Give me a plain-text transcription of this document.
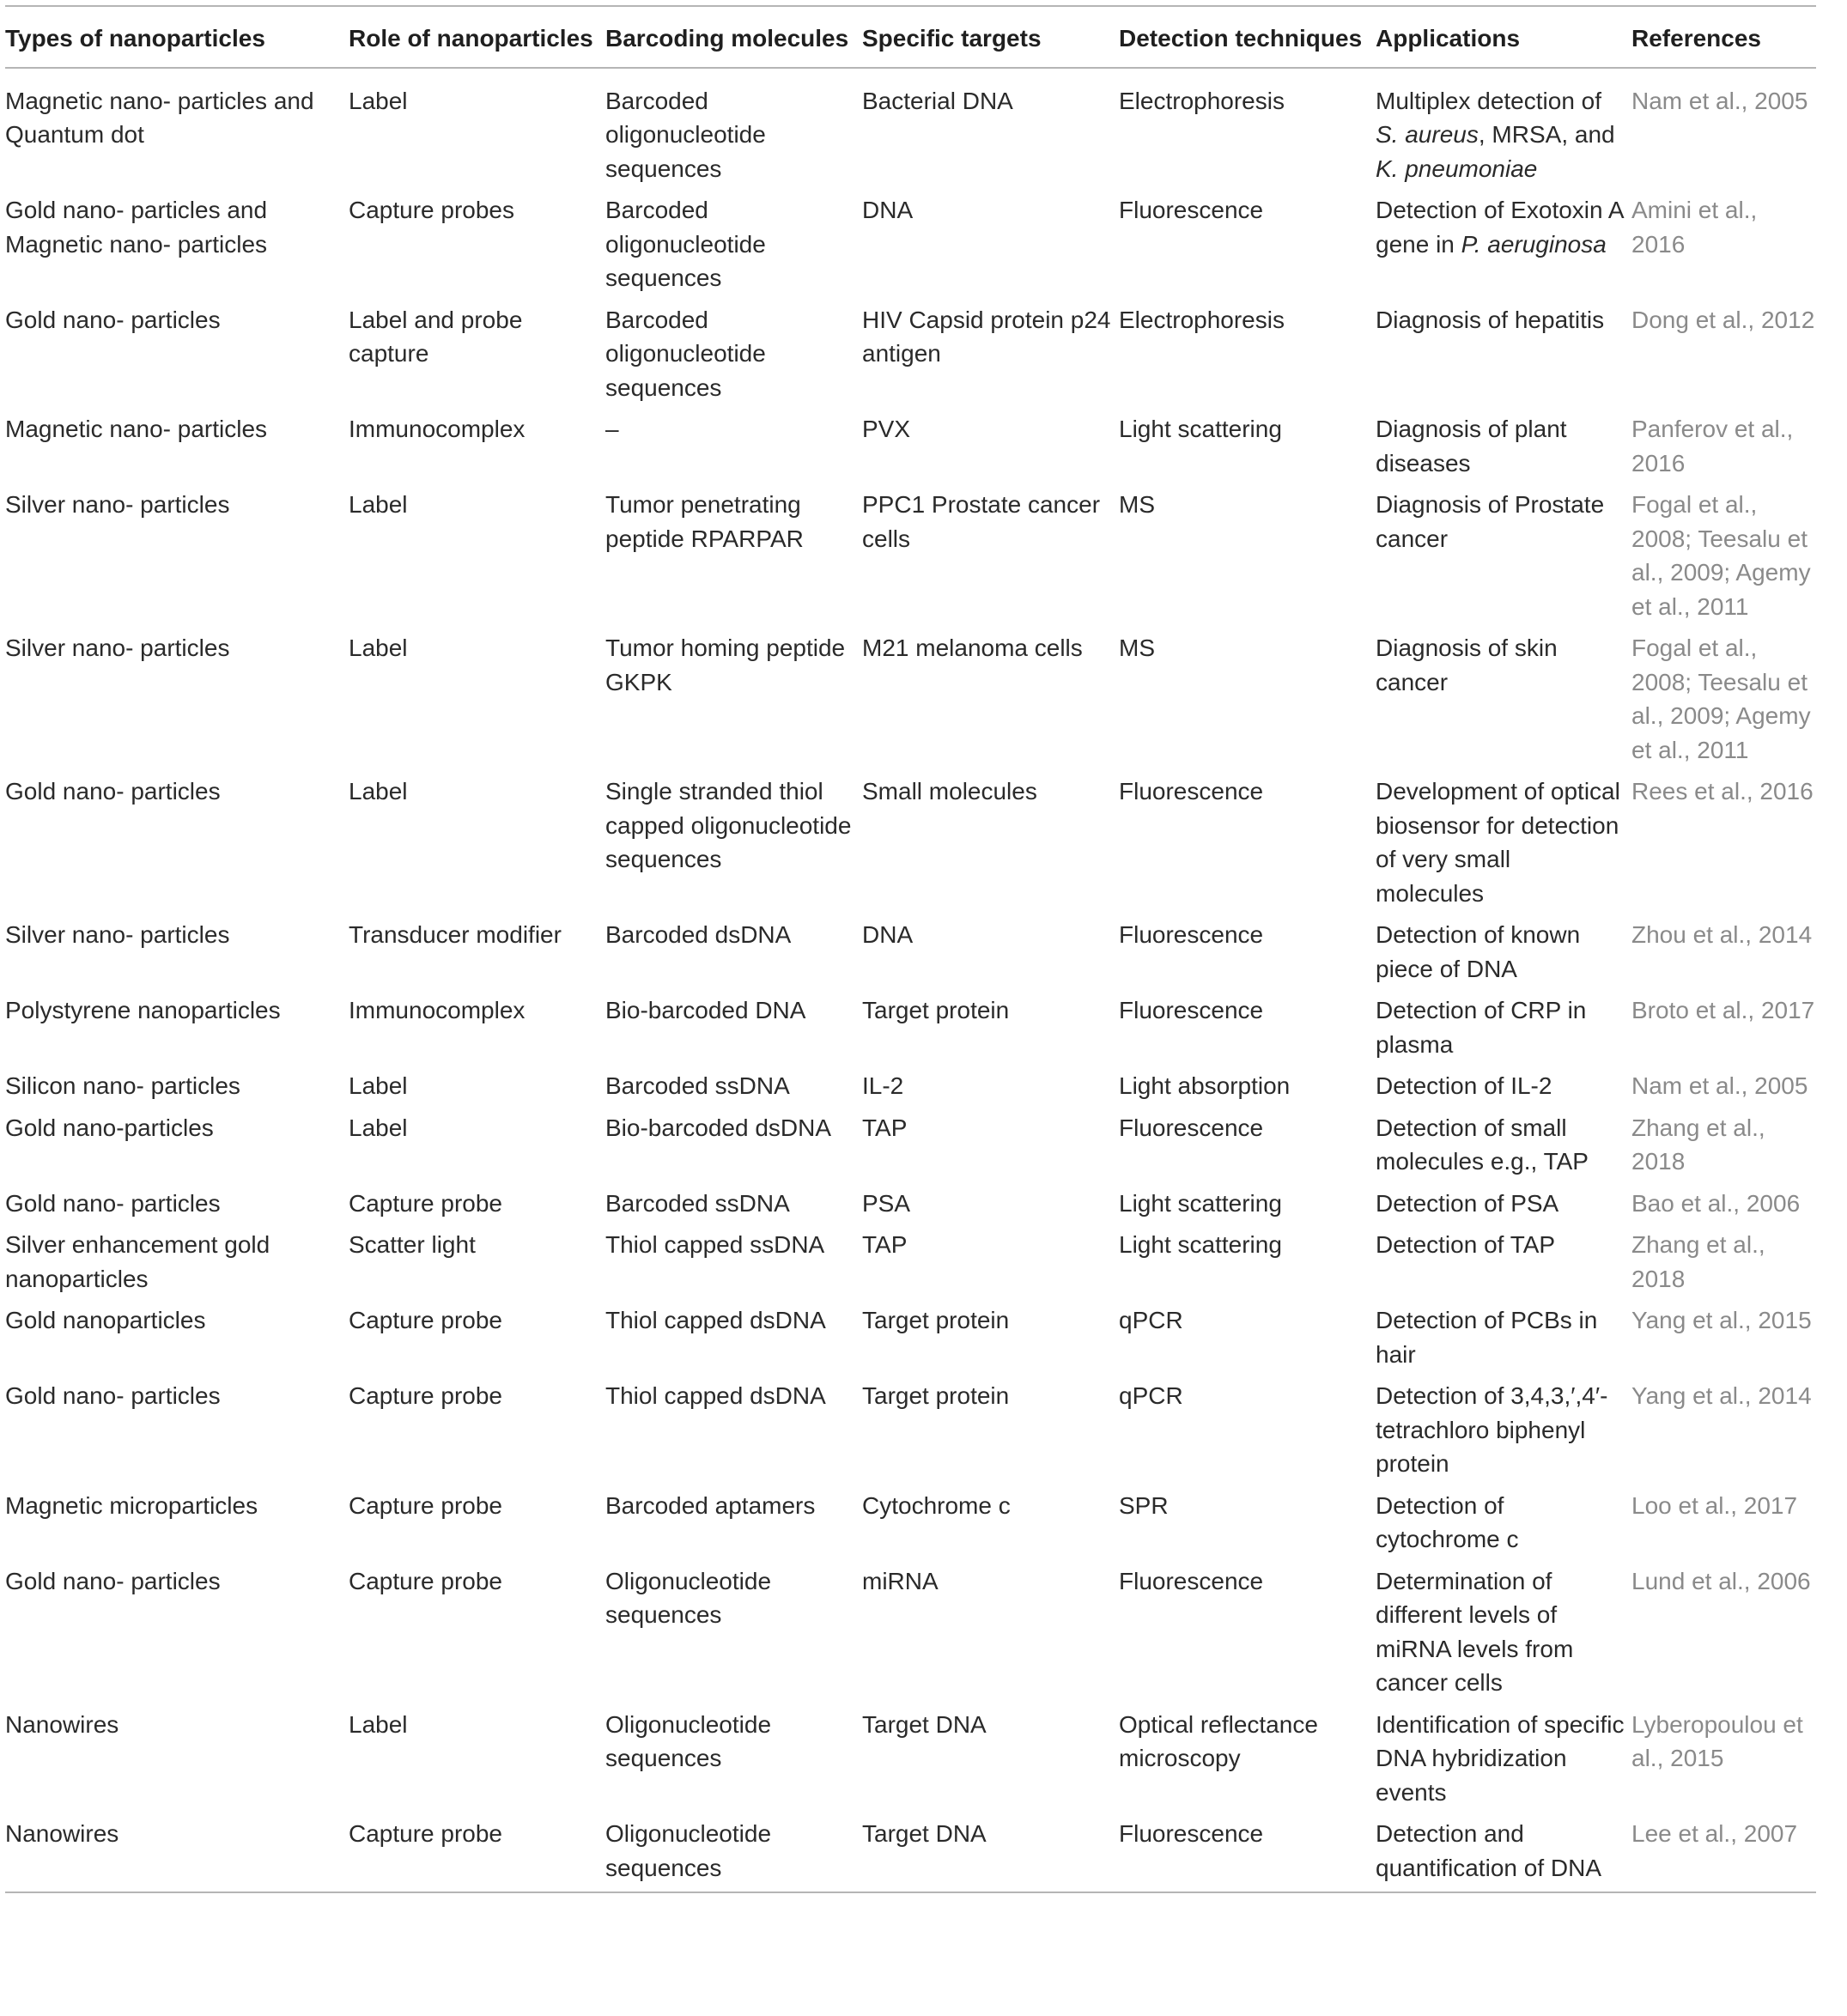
Types of nanoparticles	Role of nanoparticles	Barcoding molecules	Specific targets	Detection techniques	Applications	References
Magnetic nano- particles and Quantum dot	Label	Barcoded oligonucleotide sequences	Bacterial DNA	Electrophoresis	Multiplex detection of S. aureus, MRSA, and K. pneumoniae	Nam et al., 2005
Gold nano- particles and Magnetic nano- particles	Capture probes	Barcoded oligonucleotide sequences	DNA	Fluorescence	Detection of Exotoxin A gene in P. aeruginosa	Amini et al., 2016
Gold nano- particles	Label and probe capture	Barcoded oligonucleotide sequences	HIV Capsid protein p24 antigen	Electrophoresis	Diagnosis of hepatitis	Dong et al., 2012
Magnetic nano- particles	Immunocomplex	–	PVX	Light scattering	Diagnosis of plant diseases	Panferov et al., 2016
Silver nano- particles	Label	Tumor penetrating peptide RPARPAR	PPC1 Prostate cancer cells	MS	Diagnosis of Prostate cancer	Fogal et al., 2008; Teesalu et al., 2009; Agemy et al., 2011
Silver nano- particles	Label	Tumor homing peptide GKPK	M21 melanoma cells	MS	Diagnosis of skin cancer	Fogal et al., 2008; Teesalu et al., 2009; Agemy et al., 2011
Gold nano- particles	Label	Single stranded thiol capped oligonucleotide sequences	Small molecules	Fluorescence	Development of optical biosensor for detection of very small molecules	Rees et al., 2016
Silver nano- particles	Transducer modifier	Barcoded dsDNA	DNA	Fluorescence	Detection of known piece of DNA	Zhou et al., 2014
Polystyrene nanoparticles	Immunocomplex	Bio-barcoded DNA	Target protein	Fluorescence	Detection of CRP in plasma	Broto et al., 2017
Silicon nano- particles	Label	Barcoded ssDNA	IL-2	Light absorption	Detection of IL-2	Nam et al., 2005
Gold nano-particles	Label	Bio-barcoded dsDNA	TAP	Fluorescence	Detection of small molecules e.g., TAP	Zhang et al., 2018
Gold nano- particles	Capture probe	Barcoded ssDNA	PSA	Light scattering	Detection of PSA	Bao et al., 2006
Silver enhancement gold nanoparticles	Scatter light	Thiol capped ssDNA	TAP	Light scattering	Detection of TAP	Zhang et al., 2018
Gold nanoparticles	Capture probe	Thiol capped dsDNA	Target protein	qPCR	Detection of PCBs in hair	Yang et al., 2015
Gold nano- particles	Capture probe	Thiol capped dsDNA	Target protein	qPCR	Detection of 3,4,3,′,4′-tetrachloro biphenyl protein	Yang et al., 2014
Magnetic microparticles	Capture probe	Barcoded aptamers	Cytochrome c	SPR	Detection of cytochrome c	Loo et al., 2017
Gold nano- particles	Capture probe	Oligonucleotide sequences	miRNA	Fluorescence	Determination of different levels of miRNA levels from cancer cells	Lund et al., 2006
Nanowires	Label	Oligonucleotide sequences	Target DNA	Optical reflectance microscopy	Identification of specific DNA hybridization events	Lyberopoulou et al., 2015
Nanowires	Capture probe	Oligonucleotide sequences	Target DNA	Fluorescence	Detection and quantification of DNA	Lee et al., 2007
